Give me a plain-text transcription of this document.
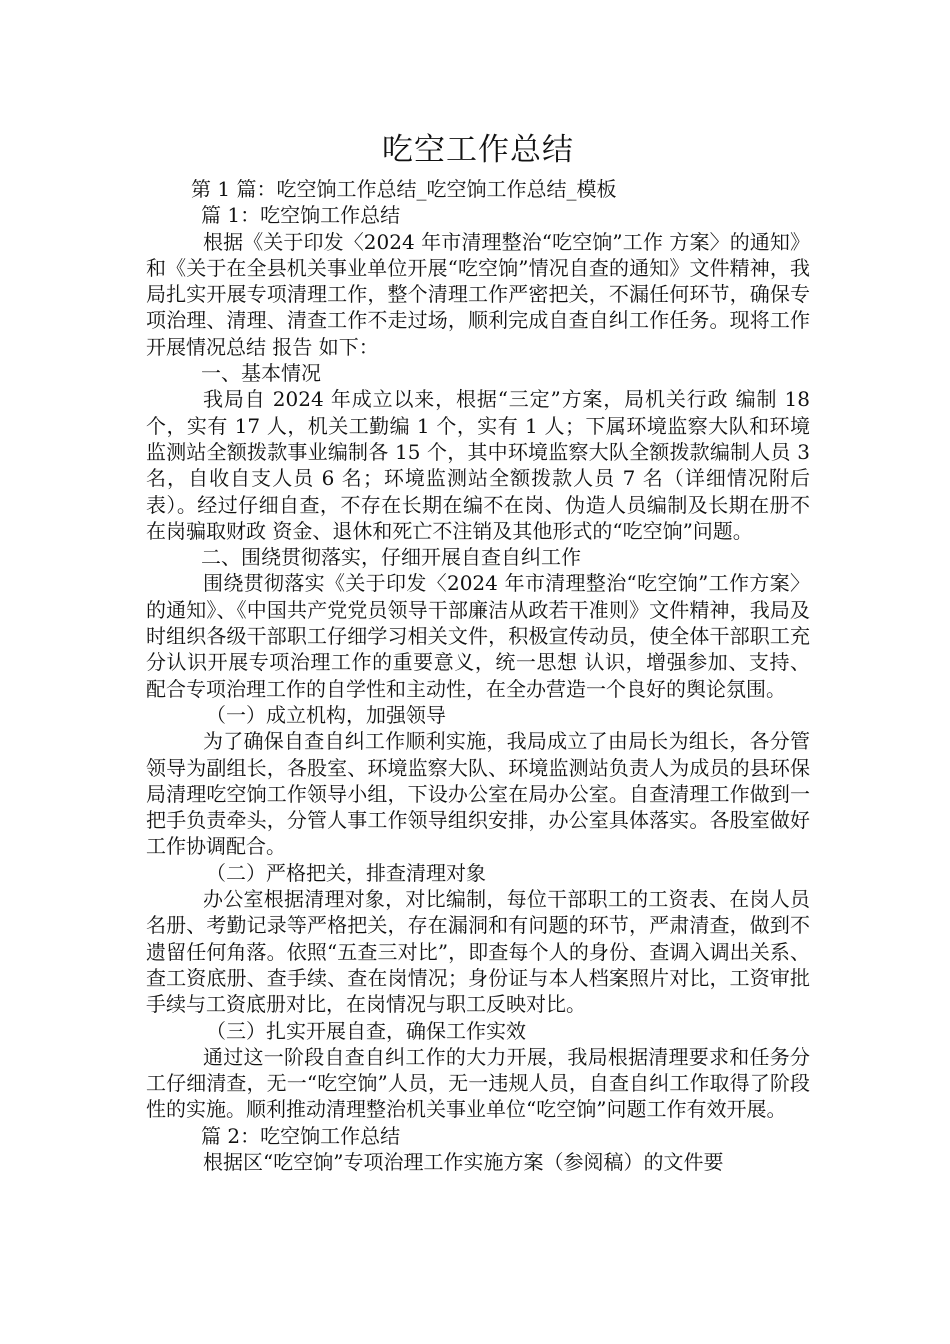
吃空工作总结

第 1 篇：吃空饷工作总结_吃空饷工作总结_模板

篇 1：吃空饷工作总结

根据《关于印发〈2024 年市清理整治“吃空饷”工作 方案〉的通知》和《关于在全县机关事业单位开展“吃空饷”情况自查的通知》文件精神，我局扎实开展专项清理工作，整个清理工作严密把关，不漏任何环节，确保专项治理、清理、清查工作不走过场，顺利完成自查自纠工作任务。现将工作开展情况总结 报告 如下：

一、基本情况

我局自 2024 年成立以来，根据“三定”方案，局机关行政 编制 18 个，实有 17 人，机关工勤编 1 个，实有 1 人；下属环境监察大队和环境监测站全额拨款事业编制各 15 个，其中环境监察大队全额拨款编制人员 3 名，自收自支人员 6 名；环境监测站全额拨款人员 7 名（详细情况附后表）。经过仔细自查，不存在长期在编不在岗、伪造人员编制及长期在册不在岗骗取财政 资金、退休和死亡不注销及其他形式的“吃空饷”问题。

二、围绕贯彻落实，仔细开展自查自纠工作

围绕贯彻落实《关于印发〈2024 年市清理整治“吃空饷”工作方案〉的通知》、《中国共产党党员领导干部廉洁从政若干准则》文件精神，我局及时组织各级干部职工仔细学习相关文件，积极宣传动员，使全体干部职工充分认识开展专项治理工作的重要意义，统一思想 认识，增强参加、支持、配合专项治理工作的自学性和主动性，在全办营造一个良好的舆论氛围。

（一）成立机构，加强领导

为了确保自查自纠工作顺利实施，我局成立了由局长为组长，各分管领导为副组长，各股室、环境监察大队、环境监测站负责人为成员的县环保局清理吃空饷工作领导小组，下设办公室在局办公室。自查清理工作做到一把手负责牵头，分管人事工作领导组织安排，办公室具体落实。各股室做好工作协调配合。

（二）严格把关，排查清理对象

办公室根据清理对象，对比编制，每位干部职工的工资表、在岗人员名册、考勤记录等严格把关，存在漏洞和有问题的环节，严肃清查，做到不遗留任何角落。依照“五查三对比”，即查每个人的身份、查调入调出关系、查工资底册、查手续、查在岗情况；身份证与本人档案照片对比，工资审批手续与工资底册对比，在岗情况与职工反映对比。

（三）扎实开展自查，确保工作实效

通过这一阶段自查自纠工作的大力开展，我局根据清理要求和任务分工仔细清查，无一“吃空饷”人员，无一违规人员，自查自纠工作取得了阶段性的实施。顺利推动清理整治机关事业单位“吃空饷”问题工作有效开展。

篇 2：吃空饷工作总结

根据区“吃空饷”专项治理工作实施方案（参阅稿）的文件要
